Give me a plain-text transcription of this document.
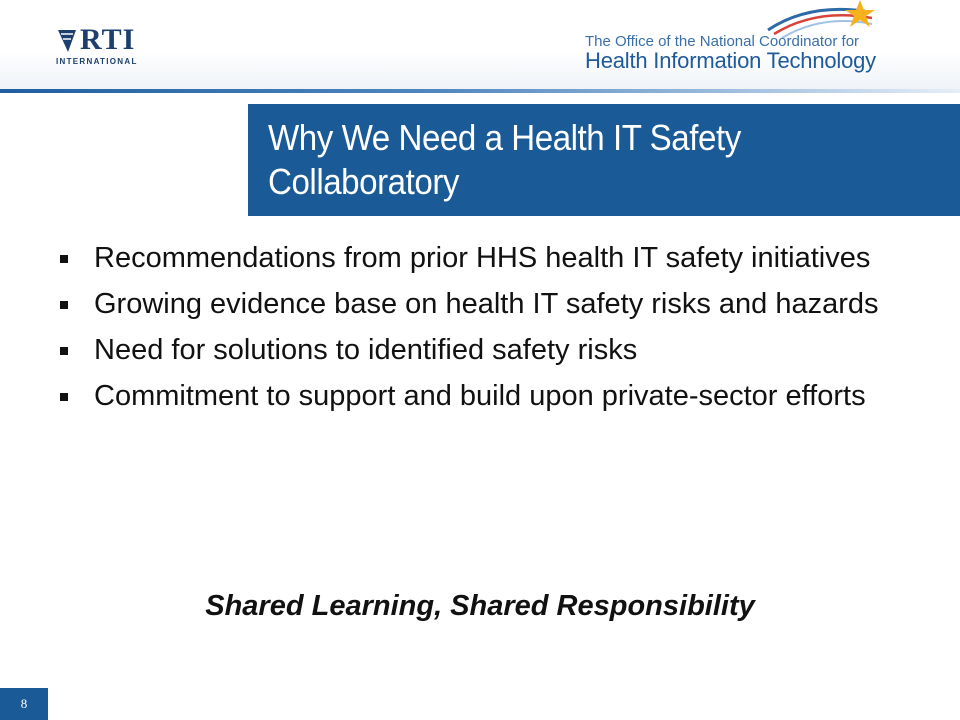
RTI
INTERNATIONAL
The Office of the National Coordinator for
Health Information Technology
Why We Need a Health IT Safety Collaboratory
Recommendations from prior HHS health IT safety initiatives
Growing evidence base on health IT safety risks and hazards
Need for solutions to identified safety risks
Commitment to support and build upon private-sector efforts
Shared Learning, Shared Responsibility
8
